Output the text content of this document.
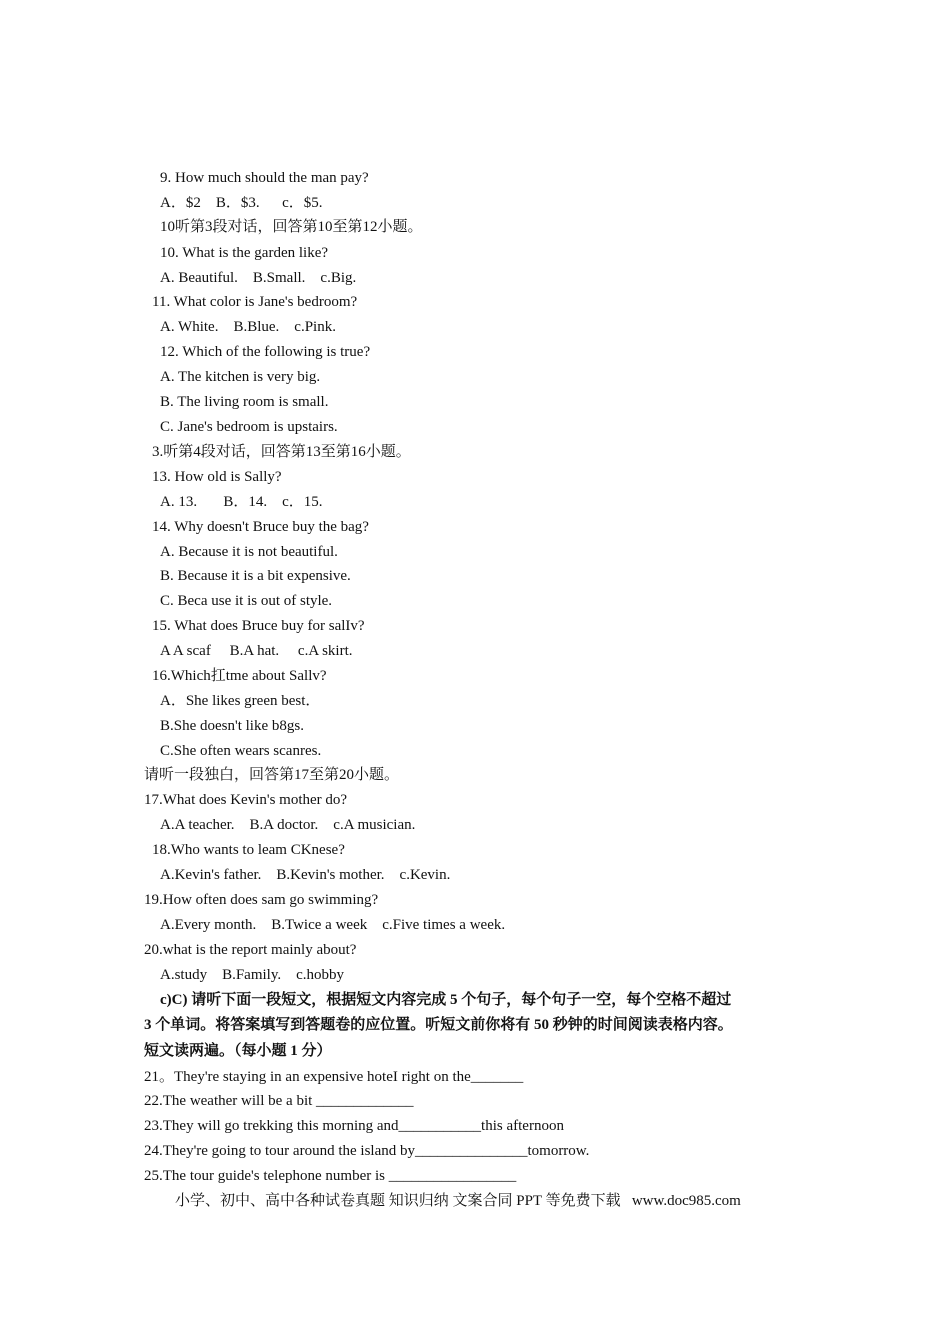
9. How much should the man pay?
A．$2    B．$3.      c．$5.
10听第3段对话，回答第10至第12小题。
10. What is the garden like?
A. Beautiful.    B.Small.    c.Big.
11. What color is Jane's bedroom?
A. White.    B.Blue.    c.Pink.
12. Which of the following is true?
A. The kitchen is very big.
B. The living room is small.
C. Jane's bedroom is upstairs.
3.听第4段对话，回答第13至第16小题。
13. How old is Sally?
A. 13.       B．14.    c．15.
14. Why doesn't Bruce buy the bag?
A. Because it is not beautiful.
B. Because it is a bit expensive.
C. Beca use it is out of style.
15. What does Bruce buy for salIv?
A A scaf     B.A hat.     c.A skirt.
16.Which扛tme about Sallv?
A．She likes green best．
B.She doesn't like b8gs.
C.She often wears scanres.
请听一段独白，回答第17至第20小题。
17.What does Kevin's mother do?
A.A teacher.    B.A doctor.    c.A musician.
18.Who wants to leam CKnese?
A.Kevin's father.    B.Kevin's mother.    c.Kevin.
19.How often does sam go swimming?
A.Every month.    B.Twice a week    c.Five times a week.
20.what is the report mainly about?
A.study    B.Family.    c.hobby
c)C) 请听下面一段短文，根据短文内容完成 5 个句子，每个句子一空，每个空格不超过
3 个单词。将答案填写到答题卷的应位置。听短文前你将有 50 秒钟的时间阅读表格内容。
短文读两遍。（每小题 1 分）
21。They're staying in an expensive hoteI right on the_______
22.The weather will be a bit _____________
23.They will go trekking this morning and___________this afternoon
24.They're going to tour around the island by_______________tomorrow.
25.The tour guide's telephone number is _________________
小学、初中、高中各种试卷真题 知识归纳 文案合同 PPT 等免费下载   www.doc985.com
